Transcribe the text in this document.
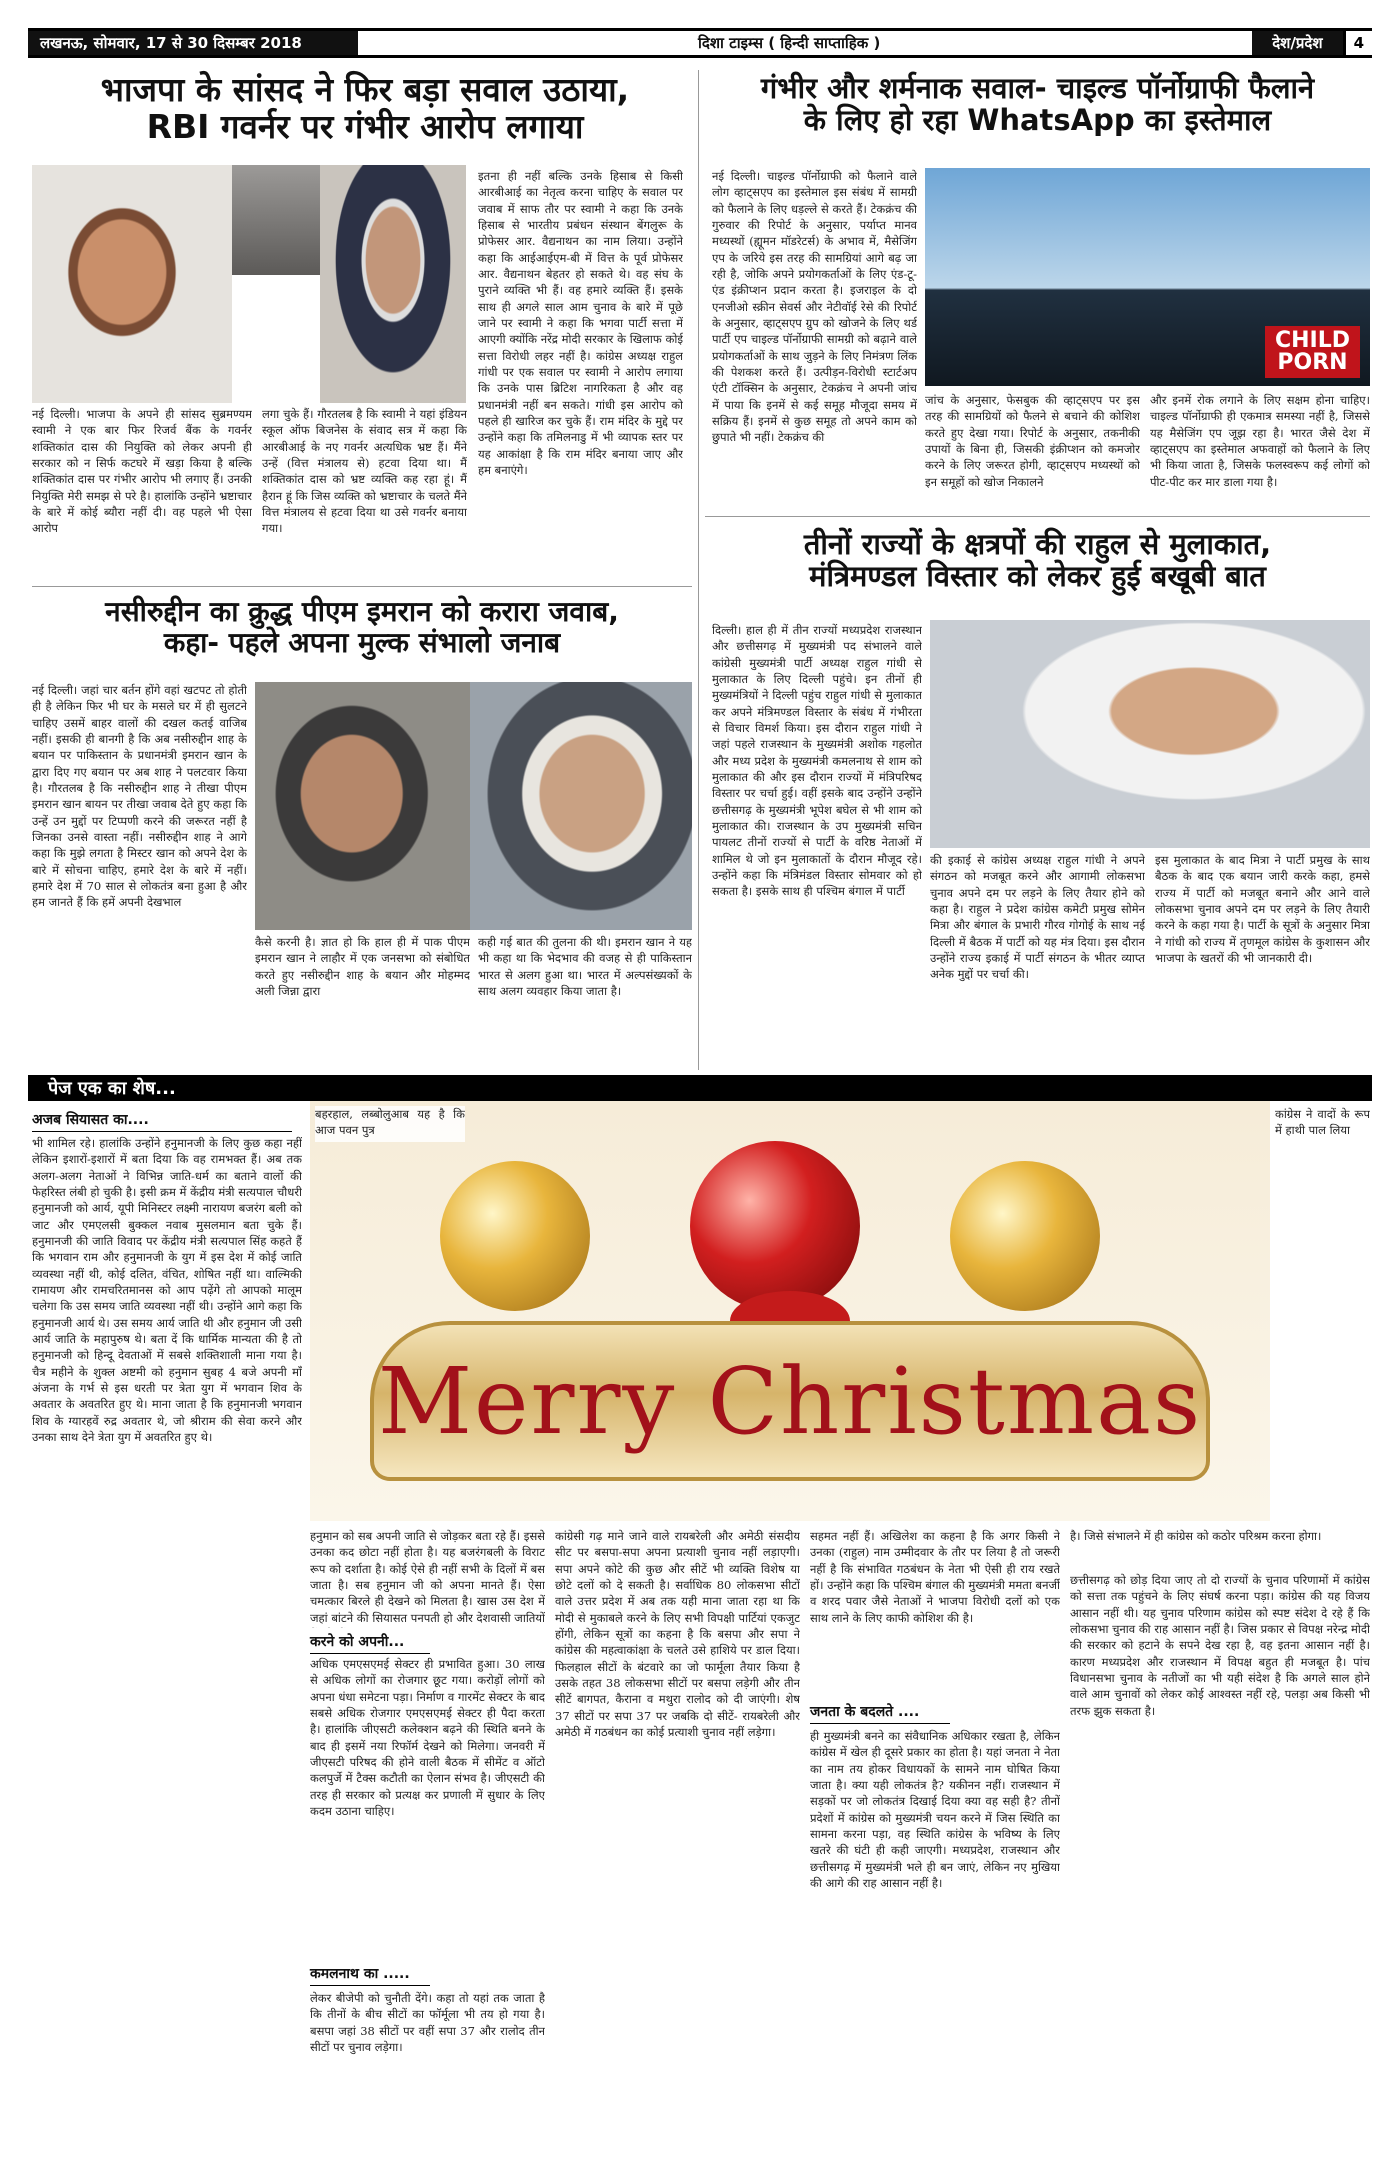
लखनऊ, सोमवार, 17 से 30 दिसम्बर 2018	दिशा टाइम्स ( हिन्दी साप्ताहिक )	देश/प्रदेश	4
भाजपा के सांसद ने फिर बड़ा सवाल उठाया,
RBI गवर्नर पर गंभीर आरोप लगाया
नई दिल्ली। भाजपा के अपने ही सांसद सुब्रमण्यम स्वामी ने एक बार फिर रिजर्व बैंक के गवर्नर शक्तिकांत दास की नियुक्ति को लेकर अपनी ही सरकार को न सिर्फ कटघरे में खड़ा किया है बल्कि शक्तिकांत दास पर गंभीर आरोप भी लगाए हैं। उनकी नियुक्ति मेरी समझ से परे है। हालांकि उन्होंने भ्रष्टाचार के बारे में कोई ब्यौरा नहीं दी। वह पहले भी ऐसा आरोप
लगा चुके हैं। गौरतलब है कि स्वामी ने यहां इंडियन स्कूल ऑफ बिजनेस के संवाद सत्र में कहा कि आरबीआई के नए गवर्नर अत्यधिक भ्रष्ट हैं। मैंने उन्हें (वित्त मंत्रालय से) हटवा दिया था। मैं शक्तिकांत दास को भ्रष्ट व्यक्ति कह रहा हूं। मैं हैरान हूं कि जिस व्यक्ति को भ्रष्टाचार के चलते मैंने वित्त मंत्रालय से हटवा दिया था उसे गवर्नर बनाया गया।
इतना ही नहीं बल्कि उनके हिसाब से किसी आरबीआई का नेतृत्व करना चाहिए के सवाल पर जवाब में साफ तौर पर स्वामी ने कहा कि उनके हिसाब से भारतीय प्रबंधन संस्थान बेंगलुरू के प्रोफेसर आर. वैद्यनाथन का नाम लिया। उन्होंने कहा कि आईआईएम-बी में वित्त के पूर्व प्रोफेसर आर. वैद्यनाथन बेहतर हो सकते थे। वह संघ के पुराने व्यक्ति भी हैं। वह हमारे व्यक्ति हैं। इसके साथ ही अगले साल आम चुनाव के बारे में पूछे जाने पर स्वामी ने कहा कि भगवा पार्टी सत्ता में आएगी क्योंकि नरेंद्र मोदी सरकार के खिलाफ कोई सत्ता विरोधी लहर नहीं है। कांग्रेस अध्यक्ष राहुल गांधी पर एक सवाल पर स्वामी ने आरोप लगाया कि उनके पास ब्रिटिश नागरिकता है और वह प्रधानमंत्री नहीं बन सकते। गांधी इस आरोप को पहले ही खारिज कर चुके हैं। राम मंदिर के मुद्दे पर उन्होंने कहा कि तमिलनाडु में भी व्यापक स्तर पर यह आकांक्षा है कि राम मंदिर बनाया जाए और हम बनाएंगे।
गंभीर और शर्मनाक सवाल- चाइल्ड पॉर्नोग्राफी फैलाने
के लिए हो रहा WhatsApp का इस्तेमाल
नई दिल्ली। चाइल्ड पॉर्नोग्राफी को फैलाने वाले लोग व्हाट्सएप का इस्तेमाल इस संबंध में सामग्री को फैलाने के लिए धड़ल्ले से करते हैं। टेकक्रंच की गुरुवार की रिपोर्ट के अनुसार, पर्याप्त मानव मध्यस्थों (ह्यूमन मॉडरेटर्स) के अभाव में, मैसेजिंग एप के जरिये इस तरह की सामग्रियां आगे बढ़ जा रही है, जोकि अपने प्रयोगकर्ताओं के लिए एंड-टू-एंड इंक्रीप्शन प्रदान करता है। इजराइल के दो एनजीओ स्क्रीन सेवर्स और नेटीवॉई रेसे की रिपोर्ट के अनुसार, व्हाट्सएप ग्रुप को खोजने के लिए थर्ड पार्टी एप चाइल्ड पॉर्नोग्राफी सामग्री को बढ़ाने वाले प्रयोगकर्ताओं के साथ जुड़ने के लिए निमंत्रण लिंक की पेशकश करते हैं। उत्पीड़न-विरोधी स्टार्टअप एंटी टॉक्सिन के अनुसार, टेकक्रंच ने अपनी जांच में पाया कि इनमें से कई समूह मौजूदा समय में सक्रिय हैं। इनमें से कुछ समूह तो अपने काम को छुपाते भी नहीं। टेकक्रंच की
CHILD
PORN
जांच के अनुसार, फेसबुक की व्हाट्सएप पर इस तरह की सामग्रियों को फैलने से बचाने की कोशिश करते हुए देखा गया। रिपोर्ट के अनुसार, तकनीकी उपायों के बिना ही, जिसकी इंक्रीप्शन को कमजोर करने के लिए जरूरत होगी, व्हाट्सएप मध्यस्थों को इन समूहों को खोज निकालने
और इनमें रोक लगाने के लिए सक्षम होना चाहिए। चाइल्ड पॉर्नोग्राफी ही एकमात्र समस्या नहीं है, जिससे यह मैसेजिंग एप जूझ रहा है। भारत जैसे देश में व्हाट्सएप का इस्तेमाल अफवाहों को फैलाने के लिए भी किया जाता है, जिसके फलस्वरूप कई लोगों को पीट-पीट कर मार डाला गया है।
तीनों राज्यों के क्षत्रपों की राहुल से मुलाकात,
मंत्रिमण्डल विस्तार को लेकर हुई बखूबी बात
दिल्ली। हाल ही में तीन राज्यों मध्यप्रदेश राजस्थान और छत्तीसगढ़ में मुख्यमंत्री पद संभालने वाले कांग्रेसी मुख्यमंत्री पार्टी अध्यक्ष राहुल गांधी से मुलाकात के लिए दिल्ली पहुंचे। इन तीनों ही मुख्यमंत्रियों ने दिल्ली पहुंच राहुल गांधी से मुलाकात कर अपने मंत्रिमण्डल विस्तार के संबंध में गंभीरता से विचार विमर्श किया। इस दौरान राहुल गांधी ने जहां पहले राजस्थान के मुख्यमंत्री अशोक गहलोत और मध्य प्रदेश के मुख्यमंत्री कमलनाथ से शाम को मुलाकात की और इस दौरान राज्यों में मंत्रिपरिषद विस्तार पर चर्चा हुई। वहीं इसके बाद उन्होंने उन्होंने छत्तीसगढ़ के मुख्यमंत्री भूपेश बघेल से भी शाम को मुलाकात की। राजस्थान के उप मुख्यमंत्री सचिन पायलट तीनों राज्यों से पार्टी के वरिष्ठ नेताओं में शामिल थे जो इन मुलाकातों के दौरान मौजूद रहे। उन्होंने कहा कि मंत्रिमंडल विस्तार सोमवार को हो सकता है। इसके साथ ही पश्चिम बंगाल में पार्टी
की इकाई से कांग्रेस अध्यक्ष राहुल गांधी ने अपने संगठन को मजबूत करने और आगामी लोकसभा चुनाव अपने दम पर लड़ने के लिए तैयार होने को कहा है। राहुल ने प्रदेश कांग्रेस कमेटी प्रमुख सोमेन मित्रा और बंगाल के प्रभारी गौरव गोगोई के साथ नई दिल्ली में बैठक में पार्टी को यह मंत्र दिया। इस दौरान उन्होंने राज्य इकाई में पार्टी संगठन के भीतर व्याप्त अनेक मुद्दों पर चर्चा की।
इस मुलाकात के बाद मित्रा ने पार्टी प्रमुख के साथ बैठक के बाद एक बयान जारी करके कहा, हमसे राज्य में पार्टी को मजबूत बनाने और आने वाले लोकसभा चुनाव अपने दम पर लड़ने के लिए तैयारी करने के कहा गया है। पार्टी के सूत्रों के अनुसार मित्रा ने गांधी को राज्य में तृणमूल कांग्रेस के कुशासन और भाजपा के खतरों की भी जानकारी दी।
नसीरुद्दीन का क्रुद्ध पीएम इमरान को करारा जवाब,
कहा- पहले अपना मुल्क संभालो जनाब
नई दिल्ली। जहां चार बर्तन होंगे वहां खटपट तो होती ही है लेकिन फिर भी घर के मसले घर में ही सुलटने चाहिए उसमें बाहर वालों की दखल कतई वाजिब नहीं। इसकी ही बानगी है कि अब नसीरुद्दीन शाह के बयान पर पाकिस्तान के प्रधानमंत्री इमरान खान के द्वारा दिए गए बयान पर अब शाह ने पलटवार किया है। गौरतलब है कि नसीरुद्दीन शाह ने तीखा पीएम इमरान खान बायन पर तीखा जवाब देते हुए कहा कि उन्हें उन मुद्दों पर टिप्पणी करने की जरूरत नहीं है जिनका उनसे वास्ता नहीं। नसीरुद्दीन शाह ने आगे कहा कि मुझे लगता है मिस्टर खान को अपने देश के बारे में सोचना चाहिए, हमारे देश के बारे में नहीं। हमारे देश में 70 साल से लोकतंत्र बना हुआ है और हम जानते हैं कि हमें अपनी देखभाल
कैसे करनी है। ज्ञात हो कि हाल ही में पाक पीएम इमरान खान ने लाहौर में एक जनसभा को संबोधित करते हुए नसीरुद्दीन शाह के बयान और मोहम्मद अली जिन्ना द्वारा
कही गई बात की तुलना की थी। इमरान खान ने यह भी कहा था कि भेदभाव की वजह से ही पाकिस्तान भारत से अलग हुआ था। भारत में अल्पसंख्यकों के साथ अलग व्यवहार किया जाता है।
पेज एक का शेष...
अजब सियासत का....
भी शामिल रहे। हालांकि उन्होंने हनुमानजी के लिए कुछ कहा नहीं लेकिन इशारों-इशारों में बता दिया कि वह रामभक्त हैं। अब तक अलग-अलग नेताओं ने विभिन्न जाति-धर्म का बताने वालों की फेहरिस्त लंबी हो चुकी है। इसी क्रम में केंद्रीय मंत्री सत्यपाल चौधरी हनुमानजी को आर्य, यूपी मिनिस्टर लक्ष्मी नारायण बजरंग बली को जाट और एमएलसी बुक्कल नवाब मुसलमान बता चुके हैं। हनुमानजी की जाति विवाद पर केंद्रीय मंत्री सत्यपाल सिंह कहते हैं कि भगवान राम और हनुमानजी के युग में इस देश में कोई जाति व्यवस्था नहीं थी, कोई दलित, वंचित, शोषित नहीं था। वाल्मिकी रामायण और रामचरितमानस को आप पढ़ेंगे तो आपको मालूम चलेगा कि उस समय जाति व्यवस्था नहीं थी। उन्होंने आगे कहा कि हनुमानजी आर्य थे। उस समय आर्य जाति थी और हनुमान जी उसी आर्य जाति के महापुरुष थे। बता दें कि धार्मिक मान्यता की है तो हनुमानजी को हिन्दू देवताओं में सबसे शक्तिशाली माना गया है। चैत्र महीने के शुक्ल अष्टमी को हनुमान सुबह 4 बजे अपनी माँ अंजना के गर्भ से इस धरती पर त्रेता युग में भगवान शिव के अवतार के अवतरित हुए थे। माना जाता है कि हनुमानजी भगवान शिव के ग्यारहवें रुद्र अवतार थे, जो श्रीराम की सेवा करने और उनका साथ देने त्रेता युग में अवतरित हुए थे।
बहरहाल, लब्बोलुआब यह है कि आज पवन पुत्र
कांग्रेस ने वादों के रूप में हाथी पाल लिया
Merry Christmas
हनुमान को सब अपनी जाति से जोड़कर बता रहे हैं। इससे उनका कद छोटा नहीं होता है। यह बजरंगबली के विराट रूप को दर्शाता है। कोई ऐसे ही नहीं सभी के दिलों में बस जाता है। सब हनुमान जी को अपना मानते हैं। ऐसा चमत्कार बिरले ही देखने को मिलता है। खास उस देश में जहां बांटने की सियासत पनपती हो और देशवासी जातियों
करने को अपनी...
अधिक एमएसएमई सेक्टर ही प्रभावित हुआ। 30 लाख से अधिक लोगों का रोजगार छूट गया। करोड़ों लोगों को अपना धंधा समेटना पड़ा। निर्माण व गारमेंट सेक्टर के बाद सबसे अधिक रोजगार एमएसएमई सेक्टर ही पैदा करता है। हालांकि जीएसटी कलेक्शन बढ़ने की स्थिति बनने के बाद ही इसमें नया रिफॉर्म देखने को मिलेगा। जनवरी में जीएसटी परिषद की होने वाली बैठक में सीमेंट व ऑटो कलपुर्जे में टैक्स कटौती का ऐलान संभव है। जीएसटी की तरह ही सरकार को प्रत्यक्ष कर प्रणाली में सुधार के लिए कदम उठाना चाहिए।
कमलनाथ का .....
लेकर बीजेपी को चुनौती देंगे। कहा तो यहां तक जाता है कि तीनों के बीच सीटों का फॉर्मूला भी तय हो गया है। बसपा जहां 38 सीटों पर वहीं सपा 37 और रालोद तीन सीटों पर चुनाव लड़ेगा।
कांग्रेसी गढ़ माने जाने वाले रायबरेली और अमेठी संसदीय सीट पर बसपा-सपा अपना प्रत्याशी चुनाव नहीं लड़ाएगी। सपा अपने कोटे की कुछ और सीटें भी व्यक्ति विशेष या छोटे दलों को दे सकती है। सर्वाधिक 80 लोकसभा सीटों वाले उत्तर प्रदेश में अब तक यही माना जाता रहा था कि मोदी से मुकाबले करने के लिए सभी विपक्षी पार्टियां एकजुट होंगी, लेकिन सूत्रों का कहना है कि बसपा और सपा ने कांग्रेस की महत्वाकांक्षा के चलते उसे हाशिये पर डाल दिया। फिलहाल सीटों के बंटवारे का जो फार्मूला तैयार किया है उसके तहत 38 लोकसभा सीटों पर बसपा लड़ेगी और तीन सीटें बागपत, कैराना व मथुरा रालोद को दी जाएंगी। शेष 37 सीटों पर सपा 37 पर जबकि दो सीटें- रायबरेली और अमेठी में गठबंधन का कोई प्रत्याशी चुनाव नहीं लड़ेगा।
सहमत नहीं हैं। अखिलेश का कहना है कि अगर किसी ने उनका (राहुल) नाम उम्मीदवार के तौर पर लिया है तो जरूरी नहीं है कि संभावित गठबंधन के नेता भी ऐसी ही राय रखते हों। उन्होंने कहा कि पश्चिम बंगाल की मुख्यमंत्री ममता बनर्जी व शरद पवार जैसे नेताओं ने भाजपा विरोधी दलों को एक साथ लाने के लिए काफी कोशिश की है।
जनता के बदलते ....
ही मुख्यमंत्री बनने का संवैधानिक अधिकार रखता है, लेकिन कांग्रेस में खेल ही दूसरे प्रकार का होता है। यहां जनता ने नेता का नाम तय होकर विधायकों के सामने नाम घोषित किया जाता है। क्या यही लोकतंत्र है? यकीनन नहीं। राजस्थान में सड़कों पर जो लोकतंत्र दिखाई दिया क्या वह सही है? तीनों प्रदेशों में कांग्रेस को मुख्यमंत्री चयन करने में जिस स्थिति का सामना करना पड़ा, वह स्थिति कांग्रेस के भविष्य के लिए खतरे की घंटी ही कही जाएगी। मध्यप्रदेश, राजस्थान और छत्तीसगढ़ में मुख्यमंत्री भले ही बन जाएं, लेकिन नए मुखिया की आगे की राह आसान नहीं है।
है। जिसे संभालने में ही कांग्रेस को कठोर परिश्रम करना होगा।
छत्तीसगढ़ को छोड़ दिया जाए तो दो राज्यों के चुनाव परिणामों में कांग्रेस को सत्ता तक पहुंचने के लिए संघर्ष करना पड़ा। कांग्रेस की यह विजय आसान नहीं थी। यह चुनाव परिणाम कांग्रेस को स्पष्ट संदेश दे रहे हैं कि लोकसभा चुनाव की राह आसान नहीं है। जिस प्रकार से विपक्ष नरेन्द्र मोदी की सरकार को हटाने के सपने देख रहा है, वह इतना आसान नहीं है। कारण मध्यप्रदेश और राजस्थान में विपक्ष बहुत ही मजबूत है। पांच विधानसभा चुनाव के नतीजों का भी यही संदेश है कि अगले साल होने वाले आम चुनावों को लेकर कोई आश्वस्त नहीं रहे, पलड़ा अब किसी भी तरफ झुक सकता है।
